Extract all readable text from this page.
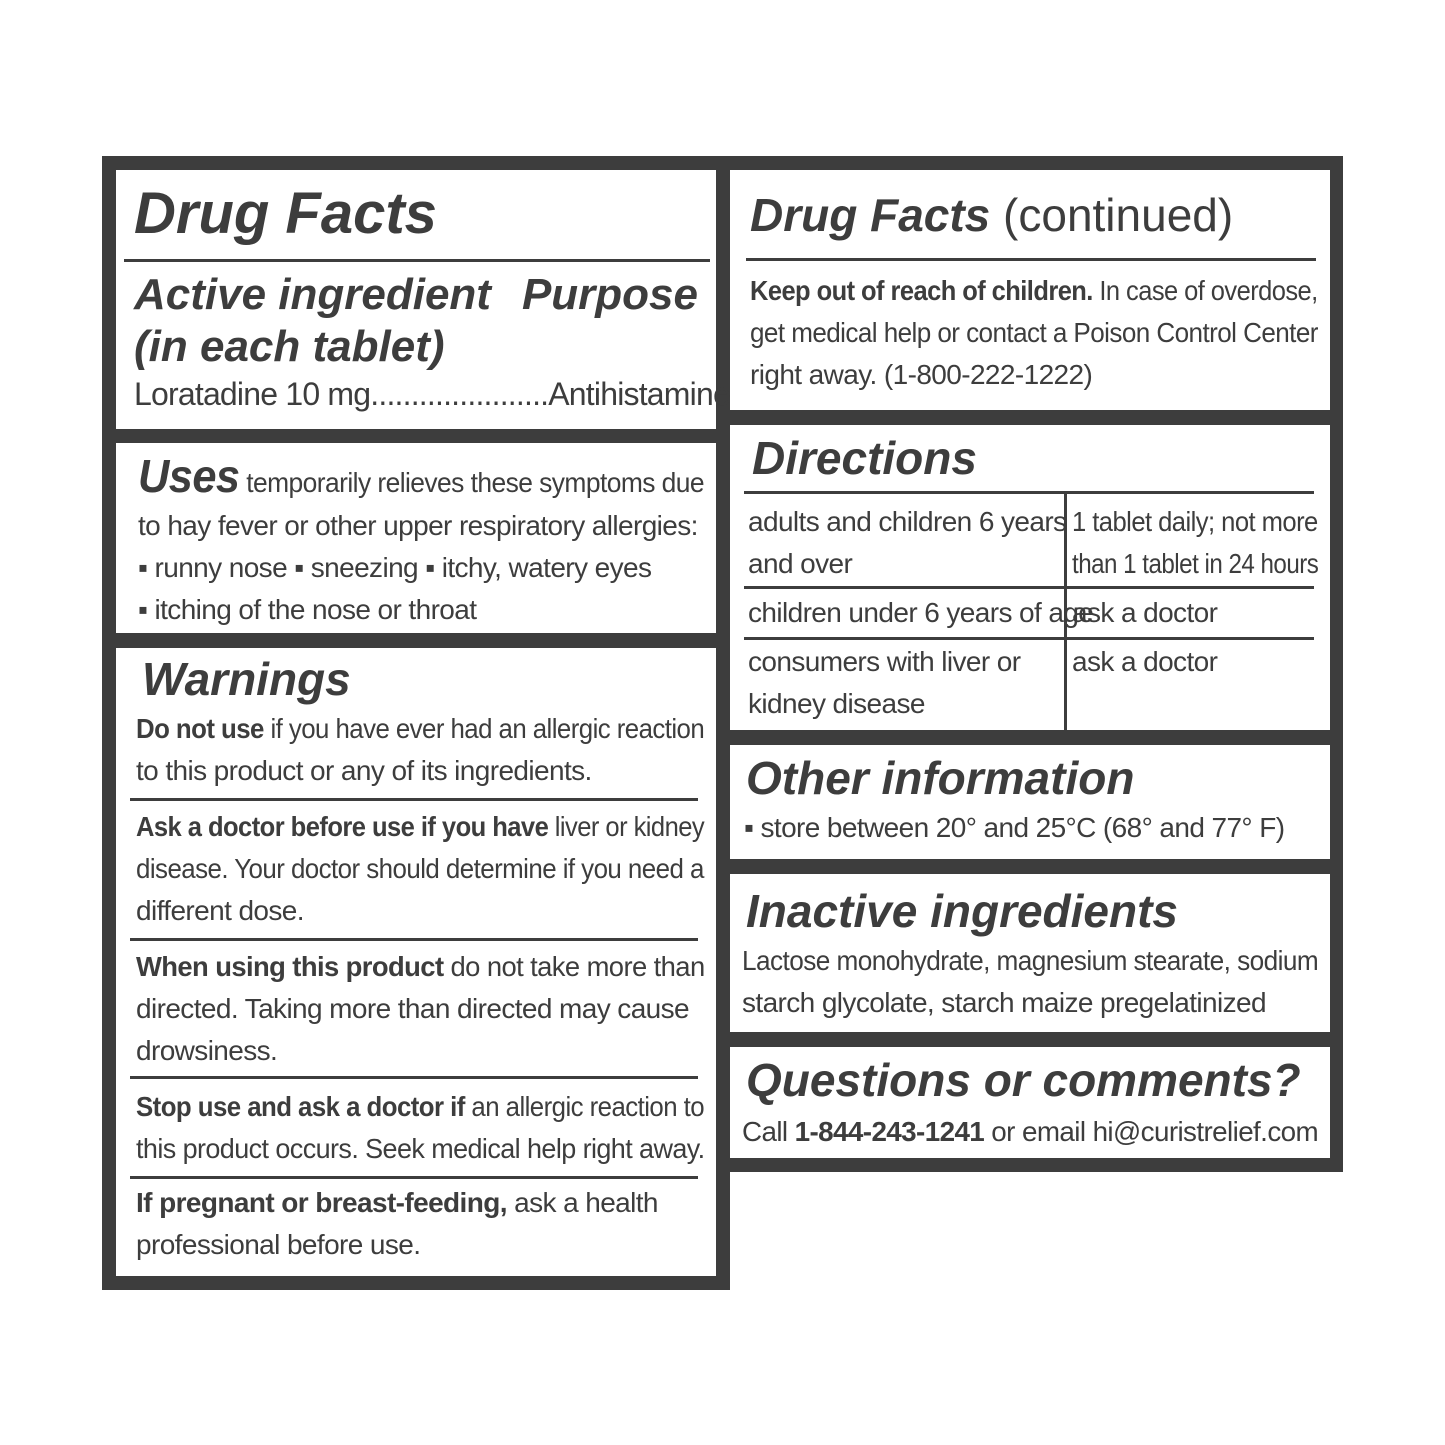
Drug Facts
Active ingredient Purpose
(in each tablet)
Loratadine 10 mg ...................... Antihistamine
Uses temporarily relieves these symptoms due
to hay fever or other upper respiratory allergies:
▪ runny nose ▪ sneezing ▪ itchy, watery eyes
▪ itching of the nose or throat
Warnings
Do not use if you have ever had an allergic reaction
to this product or any of its ingredients.
Ask a doctor before use if you have liver or kidney
disease. Your doctor should determine if you need a
different dose.
When using this product do not take more than
directed. Taking more than directed may cause
drowsiness.
Stop use and ask a doctor if an allergic reaction to
this product occurs. Seek medical help right away.
If pregnant or breast-feeding, ask a health
professional before use.
Drug Facts (continued)
Keep out of reach of children. In case of overdose,
get medical help or contact a Poison Control Center
right away. (1-800-222-1222)
Directions
adults and children 6 years
and over
1 tablet daily; not more
than 1 tablet in 24 hours
children under 6 years of age
ask a doctor
consumers with liver or
kidney disease
ask a doctor
Other information
▪ store between 20° and 25°C (68° and 77° F)
Inactive ingredients
Lactose monohydrate, magnesium stearate, sodium
starch glycolate, starch maize pregelatinized
Questions or comments?
Call 1-844-243-1241 or email hi@curistrelief.com
